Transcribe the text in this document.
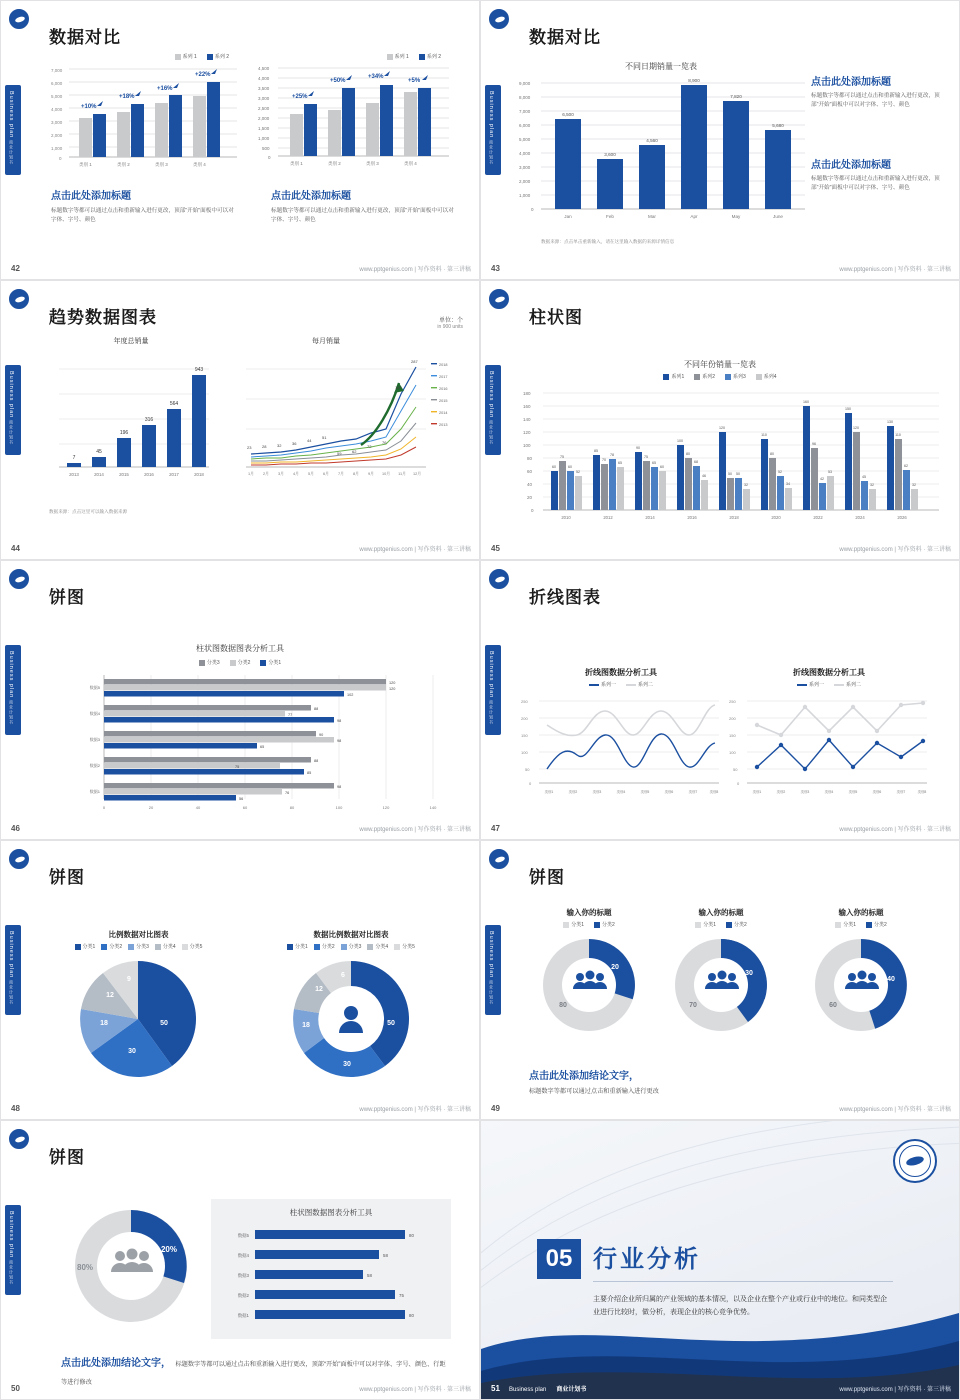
Business plan
商业计划书
数据对比
系列 1	系列 2
7,000
6,000
5,000
4,000
3,000
2,000
1,000
0
+10%
+18%
+16%
+22%
类别 1	类别 2	类别 3	类别 4
系列 1	系列 2
4,500
4,000
3,500
3,000
2,500
2,000
1,500
1,000
500
0
+25%
+50%
+34%
+5%
类别 1	类别 2	类别 3	类别 4
点击此处添加标题
标题数字等都可以通过点击和重新输入进行更改，顶部“开始”面板中可以对字体、字号、颜色
点击此处添加标题
标题数字等都可以通过点击和重新输入进行更改，顶部“开始”面板中可以对字体、字号、颜色
42	www.pptgenius.com | 写作资料 · 第三讲稿
Business plan
商业计划书
数据对比
不同日期销量一览表
9,000
8,000
7,000
6,000
5,000
4,000
3,000
2,000
1,000
0
6,500
3,600
4,560
8,900
7,820
5,680
Jan	Feb	Mar	Apr	May	June
数据来源：点击单击重新输入，请在这里输入数据的来源详情信息
点击此处添加标题
标题数字等都可以通过点击和重新输入进行更改，顶部“开始”面板中可以对字体、字号、颜色
点击此处添加标题
标题数字等都可以通过点击和重新输入进行更改，顶部“开始”面板中可以对字体、字号、颜色
43	www.pptgenius.com | 写作资料 · 第三讲稿
Business plan
商业计划书
趋势数据图表	单位：个
in 900 units
年度总销量
7
45
196
316
564
943
2013	2014	2015	2016	2017	2018
每月销量
23	28	32	36
44
51
59	62
72
76
187
287
1月 2月 3月 4月 5月 6月 7月 8月 9月 10月 11月 12月
2018
2017
2016
2015
2014
2013
数据来源：点击这里可以输入数据来源
44	www.pptgenius.com | 写作资料 · 第三讲稿
Business plan
商业计划书
柱状图
不同年份销量一览表
系列1	系列2	系列3	系列4
180
160
140
120
100
80
60
40
20
0
60
75
60
52
85
70
78
65
90
75
65
60
100
80
68
46
120
50 50
32
110
80
52
34
160
96
42
53
150
120
45
32
130
110
62
32
2010	2012	2014	2016	2018	2020	2022	2024	2026
45	www.pptgenius.com | 写作资料 · 第三讲稿
Business plan
商业计划书
饼图
柱状图数据图表分析工具
分类3	分类2	分类1
120
120
102
88
77
98
90
98
65
88
75
85
98
76
56
数据5
数据4
数据3
数据2
数据1
0	20	40	60	80	100	120	140
46	www.pptgenius.com | 写作资料 · 第三讲稿
Business plan
商业计划书
折线图表
折线图数据分析工具
系列一	系列二
250
200
150
100
50
0
类别1	类别2	类别3	类别4	类别5	类别6	类别7	类别8
折线图数据分析工具
系列一	系列二
250
200
150
100
50
0
类别1	类别2	类别3	类别4	类别5	类别6	类别7	类别8
47	www.pptgenius.com | 写作资料 · 第三讲稿
Business plan
商业计划书
饼图
比例数据对比图表
分类1	分类2	分类3	分类4	分类5
50
30
18
12
9
数据比例数据对比图表
分类1	分类2	分类3	分类4	分类5
50
30
18
12
6
48	www.pptgenius.com | 写作资料 · 第三讲稿
Business plan
商业计划书
饼图
输入你的标题
分类1	分类2
20
80
输入你的标题
分类1	分类2
30
70
输入你的标题
分类1	分类2
40
60
点击此处添加结论文字，
标题数字等都可以通过点击和重新输入进行更改
49	www.pptgenius.com | 写作资料 · 第三讲稿
Business plan
商业计划书
饼图
80%
20%
柱状图数据图表分析工具
数据5
数据4
数据3
数据2
数据1
80
58
58
75
80
点击此处添加结论文字， 标题数字等都可以通过点击和重新输入进行更改，顶部“开始”面板中可以对字体、字号、颜色、行距等进行修改
50	www.pptgenius.com | 写作资料 · 第三讲稿
05 行业分析
主要介绍企业所归属的产业领域的基本情况，以及企业在整个产业或行业中的地位。和同类型企业进行比较时，做分析，表现企业的核心竞争优势。
51 Business plan 商业计划书	www.pptgenius.com | 写作资料 · 第三讲稿
